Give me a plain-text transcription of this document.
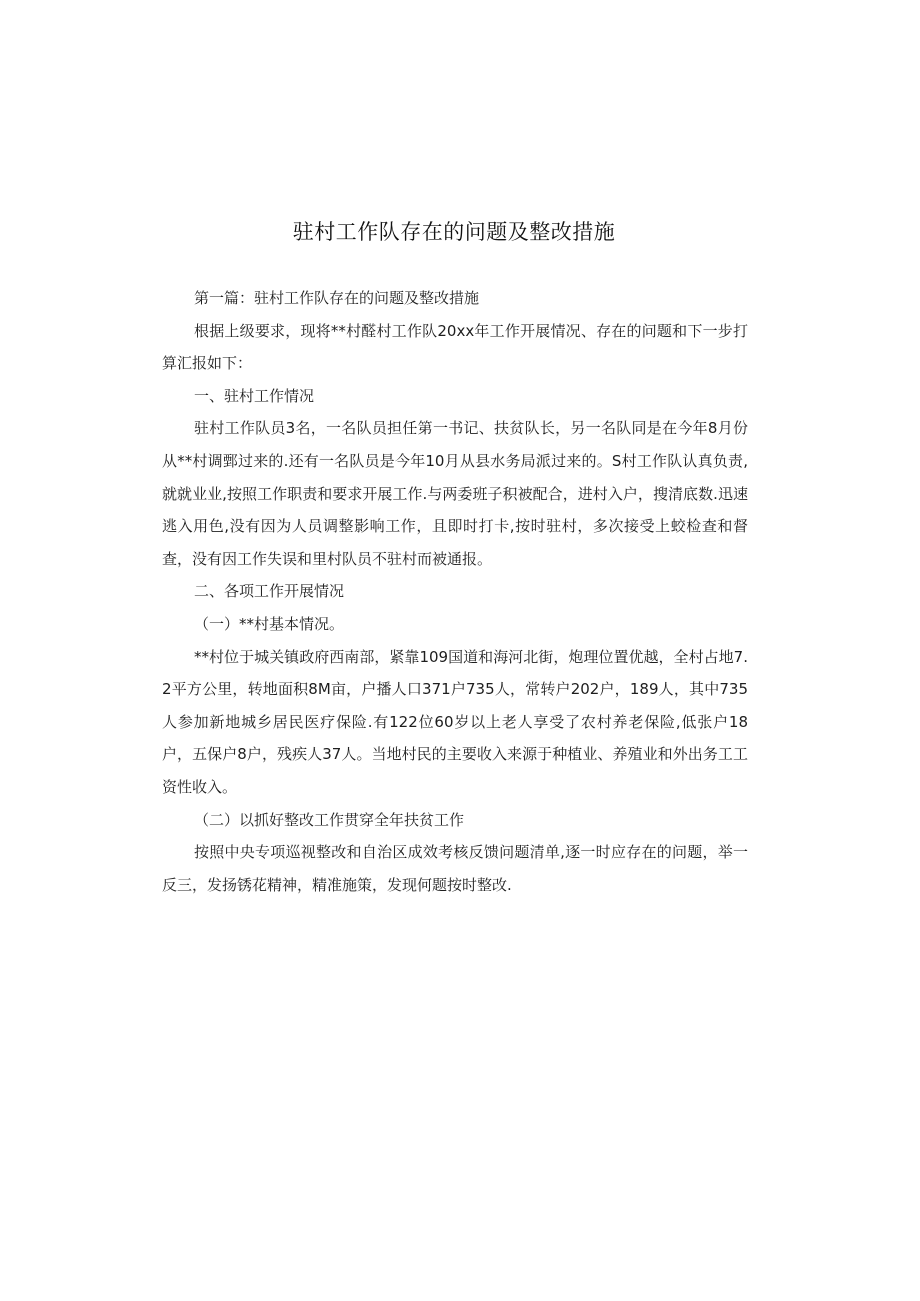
驻村工作队存在的问题及整改措施

第一篇：驻村工作队存在的问题及整改措施

根据上级要求，现将**村醛村工作队20xx年工作开展情况、存在的问题和下一步打算汇报如下：

一、驻村工作情况

驻村工作队员3名，一名队员担任第一书记、扶贫队长，另一名队同是在今年8月份从**村调鄄过来的.还有一名队员是今年10月从县水务局派过来的。S村工作队认真负责,就就业业,按照工作职责和要求开展工作.与两委班子积被配合，进村入户，搜清底数.迅速逃入用色,没有因为人员调整影响工作，且即时打卡,按时驻村，多次接受上蛟检查和督查，没有因工作失误和里村队员不驻村而被通报。

二、各项工作开展情况

（一）**村基本情况。

**村位于城关镇政府西南部，紧靠109国道和海河北街，炮理位置优越，全村占地7.2平方公里，转地面积8M亩，户播人口371户735人，常转户202户，189人，其中735人参加新地城乡居民医疗保险.有122位60岁以上老人享受了农村养老保险,低张户18户，五保户8户，残疾人37人。当地村民的主要收入来源于种植业、养殖业和外出务工工资性收入。

（二）以抓好整改工作贯穿全年扶贫工作

按照中央专项巡视整改和自治区成效考核反馈问题清单,逐一时应存在的问题，举一反三，发扬锈花精神，精准施策，发现何题按时整改.
